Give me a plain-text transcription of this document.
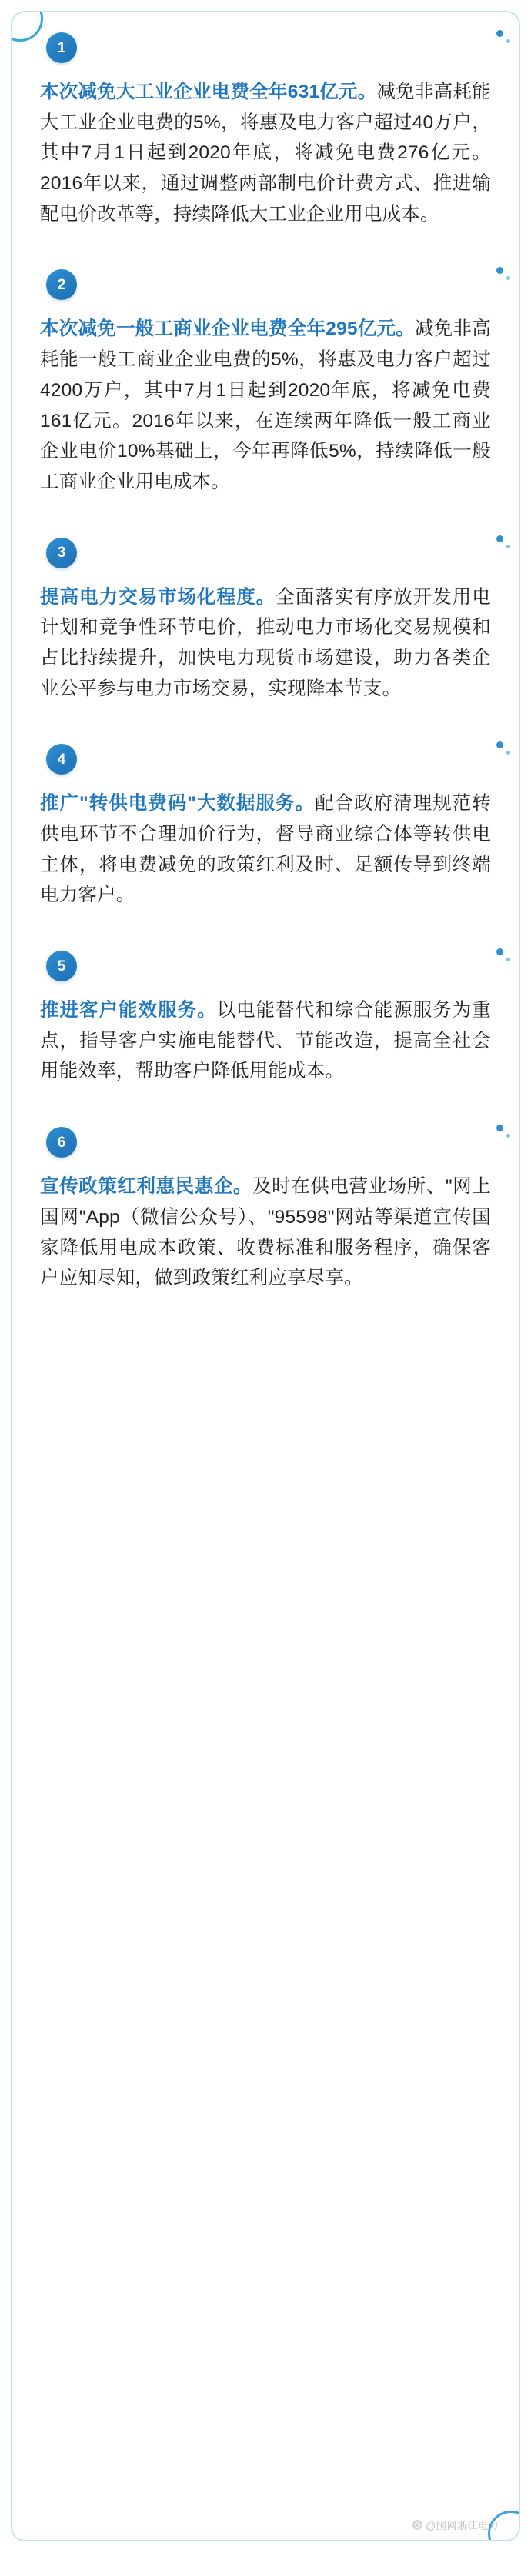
1

本次减免大工业企业电费全年631亿元。减免非高耗能大工业企业电费的5%，将惠及电力客户超过40万户，其中7月1日起到2020年底，将减免电费276亿元。2016年以来，通过调整两部制电价计费方式、推进输配电价改革等，持续降低大工业企业用电成本。

2

本次减免一般工商业企业电费全年295亿元。减免非高耗能一般工商业企业电费的5%，将惠及电力客户超过4200万户，其中7月1日起到2020年底，将减免电费161亿元。2016年以来，在连续两年降低一般工商业企业电价10%基础上，今年再降低5%，持续降低一般工商业企业用电成本。

3

提高电力交易市场化程度。全面落实有序放开发用电计划和竞争性环节电价，推动电力市场化交易规模和占比持续提升，加快电力现货市场建设，助力各类企业公平参与电力市场交易，实现降本节支。

4

推广"转供电费码"大数据服务。配合政府清理规范转供电环节不合理加价行为，督导商业综合体等转供电主体，将电费减免的政策红利及时、足额传导到终端电力客户。

5

推进客户能效服务。以电能替代和综合能源服务为重点，指导客户实施电能替代、节能改造，提高全社会用能效率，帮助客户降低用能成本。

6

宣传政策红利惠民惠企。及时在供电营业场所、"网上国网"App（微信公众号）、"95598"网站等渠道宣传国家降低用电成本政策、收费标准和服务程序，确保客户应知尽知，做到政策红利应享尽享。

@国网浙江电力
